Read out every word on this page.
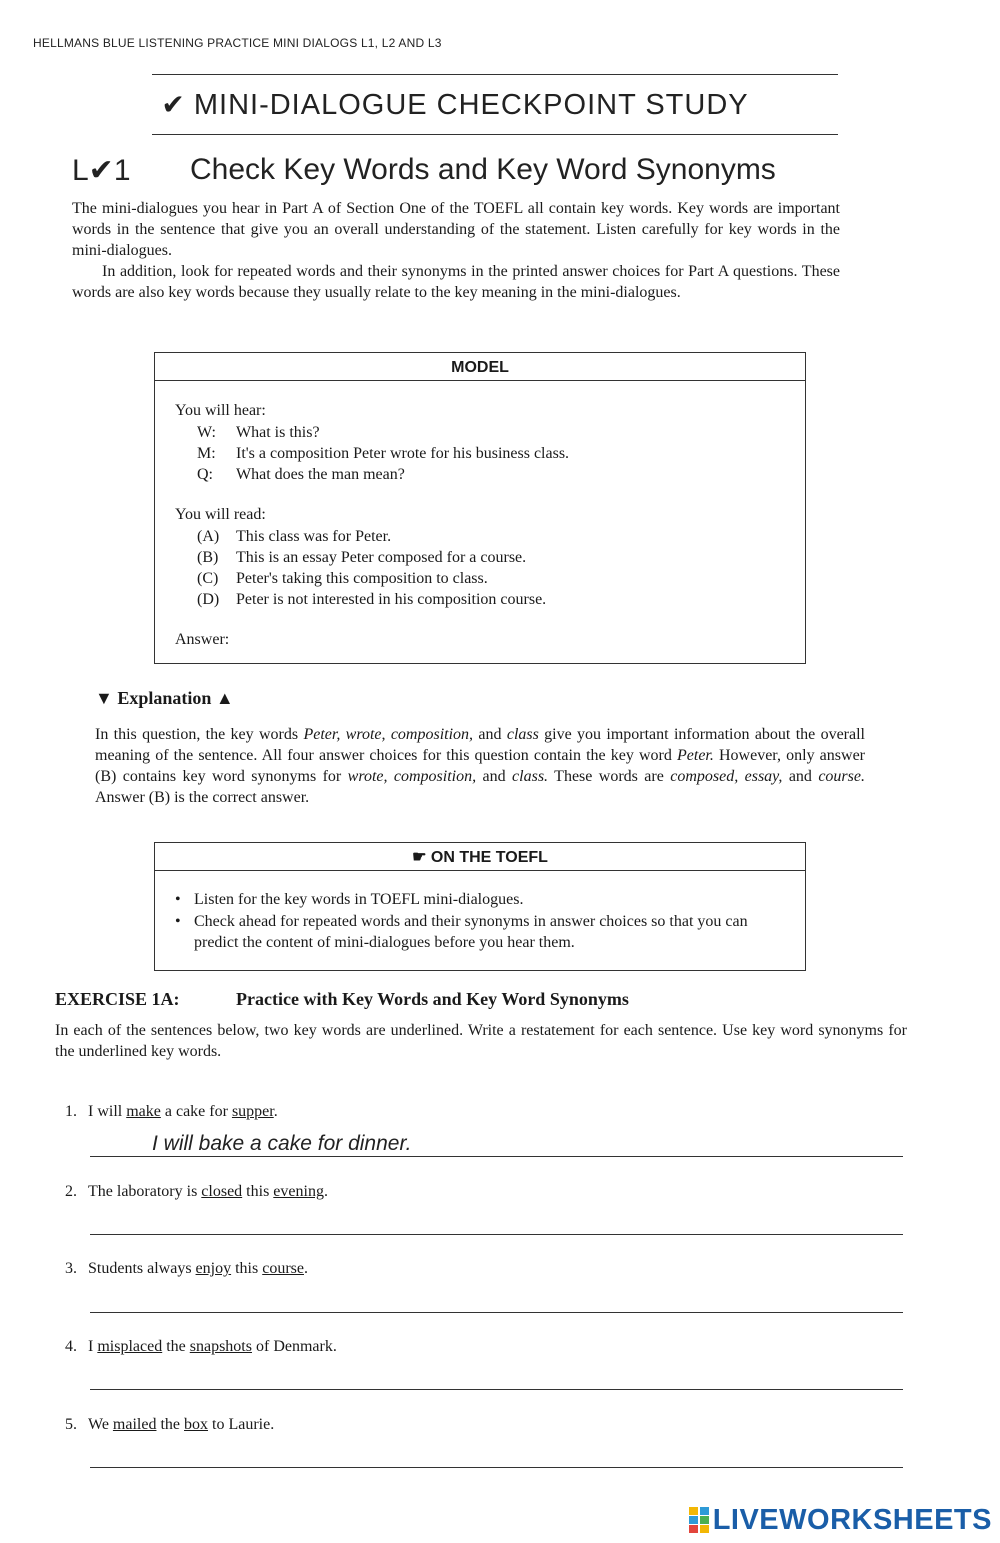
HELLMANS BLUE LISTENING PRACTICE MINI DIALOGS L1, L2 AND L3
✔ MINI-DIALOGUE CHECKPOINT STUDY
L✔1 Check Key Words and Key Word Synonyms
The mini-dialogues you hear in Part A of Section One of the TOEFL all contain key words. Key words are important words in the sentence that give you an overall understanding of the statement. Listen carefully for key words in the mini-dialogues.
In addition, look for repeated words and their synonyms in the printed answer choices for Part A questions. These words are also key words because they usually relate to the key meaning in the mini-dialogues.
MODEL
You will hear:
W: What is this?
M: It's a composition Peter wrote for his business class.
Q: What does the man mean?
You will read:
(A) This class was for Peter.
(B) This is an essay Peter composed for a course.
(C) Peter's taking this composition to class.
(D) Peter is not interested in his composition course.
Answer:
▼ Explanation ▲
In this question, the key words Peter, wrote, composition, and class give you important information about the overall meaning of the sentence. All four answer choices for this question contain the key word Peter. However, only answer (B) contains key word synonyms for wrote, composition, and class. These words are composed, essay, and course. Answer (B) is the correct answer.
☛ ON THE TOEFL
• Listen for the key words in TOEFL mini-dialogues.
• Check ahead for repeated words and their synonyms in answer choices so that you can predict the content of mini-dialogues before you hear them.
EXERCISE 1A:	Practice with Key Words and Key Word Synonyms
In each of the sentences below, two key words are underlined. Write a restatement for each sentence. Use key word synonyms for the underlined key words.
1. I will make a cake for supper.
I will bake a cake for dinner.
2. The laboratory is closed this evening.
3. Students always enjoy this course.
4. I misplaced the snapshots of Denmark.
5. We mailed the box to Laurie.
LIVEWORKSHEETS
